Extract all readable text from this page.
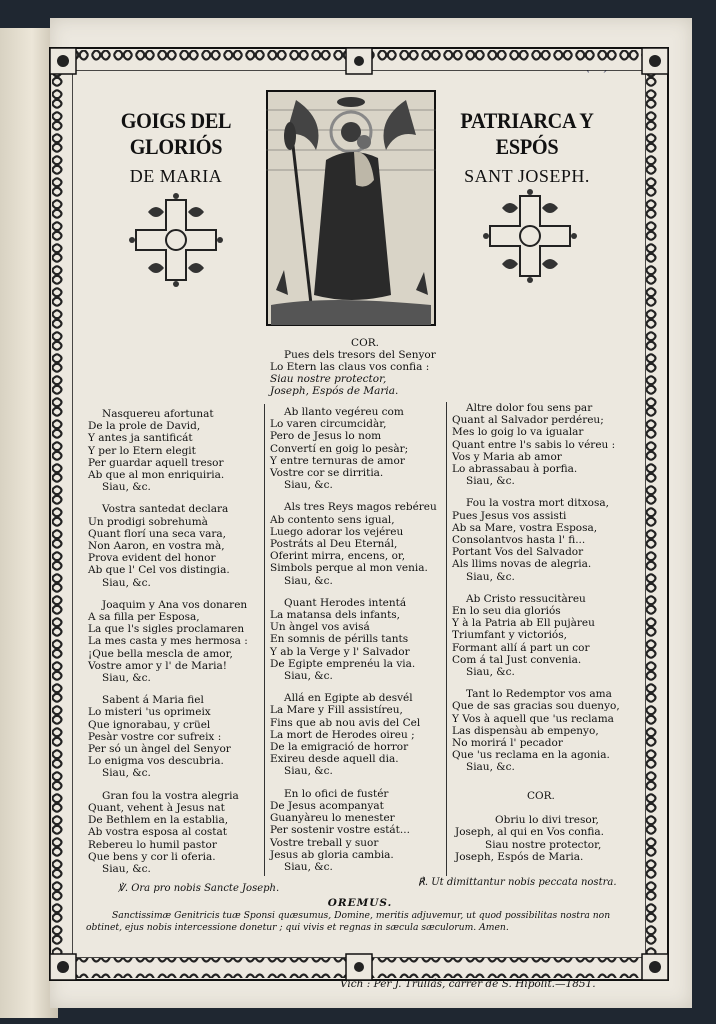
GOIGS DEL GLORIÓS
DE MARIA
PATRIARCA Y ESPÓS
SANT JOSEPH.
COR.
Pues dels tresors del Senyor
Lo Etern las claus vos confia :
Siau nostre protector,
Joseph, Espós de Maria.
Nasquereu afortunat
De la prole de David,
Y antes ja santificát
Y per lo Etern elegit
Per guardar aquell tresor
Ab que al mon enriquiria.
Siau, &c.
Vostra santedat declara
Un prodigi sobrehumà
Quant florí una seca vara,
Non Aaron, en vostra mà,
Prova evident del honor
Ab que l' Cel vos distingia.
Siau, &c.
Joaquim y Ana vos donaren
A sa filla per Esposa,
La que l's sigles proclamaren
La mes casta y mes hermosa :
¡Que bella mescla de amor,
Vostre amor y l' de Maria!
Siau, &c.
Sabent á Maria fiel
Lo misteri 'us oprimeix
Que ignorabau, y crüel
Pesàr vostre cor sufreix :
Per só un àngel del Senyor
Lo enigma vos descubria.
Siau, &c.
Gran fou la vostra alegria
Quant, vehent à Jesus nat
De Bethlem en la establia,
Ab vostra esposa al costat
Rebereu lo humil pastor
Que bens y cor li oferia.
Siau, &c.
Ab llanto vegéreu com
Lo varen circumcidàr,
Pero de Jesus lo nom
Convertí en goig lo pesàr;
Y entre ternuras de amor
Vostre cor se dirritia.
Siau, &c.
Als tres Reys magos rebéreu
Ab contento sens igual,
Luego adorar los vejéreu
Postráts al Deu Eternál,
Oferint mirra, encens, or,
Simbols perque al mon venia.
Siau, &c.
Quant Herodes intentá
La matansa dels infants,
Un àngel vos avisá
En somnis de pérills tants
Y ab la Verge y l' Salvador
De Egipte emprenéu la via.
Siau, &c.
Allá en Egipte ab desvél
La Mare y Fill assistíreu,
Fins que ab nou avis del Cel
La mort de Herodes oireu ;
De la emigració de horror
Exireu desde aquell dia.
Siau, &c.
En lo ofici de fustér
De Jesus acompanyat
Guanyàreu lo menester
Per sostenir vostre estát...
Vostre treball y suor
Jesus ab gloria cambia.
Siau, &c.
Altre dolor fou sens par
Quant al Salvador perdéreu;
Mes lo goig lo va igualar
Quant entre l's sabis lo véreu :
Vos y Maria ab amor
Lo abrassabau à porfia.
Siau, &c.
Fou la vostra mort ditxosa,
Pues Jesus vos assisti
Ab sa Mare, vostra Esposa,
Consolantvos hasta l' fi...
Portant Vos del Salvador
Als llims novas de alegria.
Siau, &c.
Ab Cristo ressucitàreu
En lo seu dia gloriós
Y à la Patria ab Ell pujàreu
Triumfant y victoriós,
Formant allí á part un cor
Com á tal Just convenia.
Siau, &c.
Tant lo Redemptor vos ama
Que de sas gracias sou duenyo,
Y Vos à aquell que 'us reclama
Las dispensàu ab empenyo,
No morirá l' pecador
Que 'us reclama en la agonia.
Siau, &c.
COR.
Obriu lo divi tresor,
Joseph, al qui en Vos confia.
Siau nostre protector,
Joseph, Espós de Maria.
℣. Ora pro nobis Sancte Joseph.
℟. Ut dimittantur nobis peccata nostra.
OREMUS.
Sanctissimæ Genitricis tuæ Sponsi quæsumus, Domine, meritis adjuvemur, ut quod possibilitas nostra non obtinet, ejus nobis intercessione donetur ; qui vivis et regnas in sæcula sæculorum. Amen.
Vich : Per J. Trullás, carrer de S. Hipolit.—1851.
